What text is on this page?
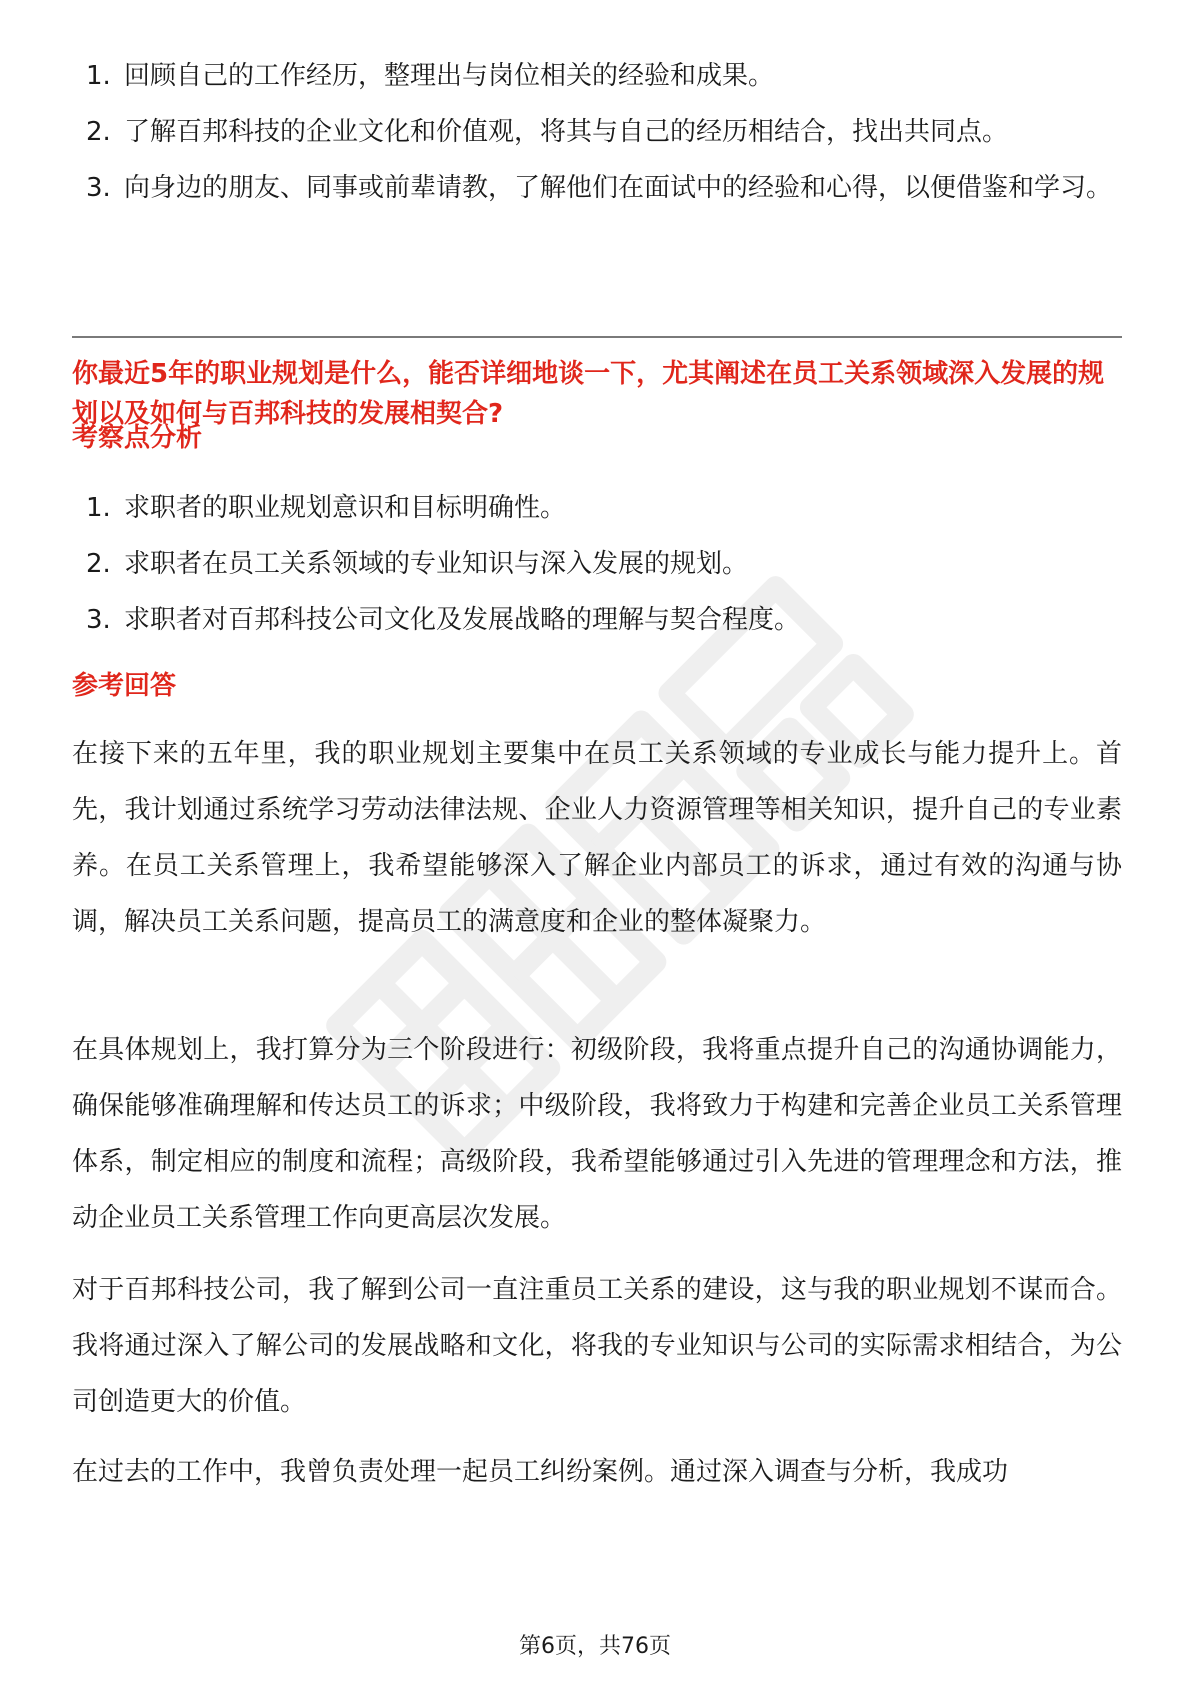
1. 回顾自己的工作经历，整理出与岗位相关的经验和成果。
2. 了解百邦科技的企业文化和价值观，将其与自己的经历相结合，找出共同点。
3. 向身边的朋友、同事或前辈请教，了解他们在面试中的经验和心得，以便借鉴和学习。

你最近5年的职业规划是什么，能否详细地谈一下，尤其阐述在员工关系领域深入发展的规划以及如何与百邦科技的发展相契合?

考察点分析
1. 求职者的职业规划意识和目标明确性。
2. 求职者在员工关系领域的专业知识与深入发展的规划。
3. 求职者对百邦科技公司文化及发展战略的理解与契合程度。
参考回答

在接下来的五年里，我的职业规划主要集中在员工关系领域的专业成长与能力提升上。首先，我计划通过系统学习劳动法律法规、企业人力资源管理等相关知识，提升自己的专业素养。在员工关系管理上，我希望能够深入了解企业内部员工的诉求，通过有效的沟通与协调，解决员工关系问题，提高员工的满意度和企业的整体凝聚力。

在具体规划上，我打算分为三个阶段进行：初级阶段，我将重点提升自己的沟通协调能力，确保能够准确理解和传达员工的诉求；中级阶段，我将致力于构建和完善企业员工关系管理体系，制定相应的制度和流程；高级阶段，我希望能够通过引入先进的管理理念和方法，推动企业员工关系管理工作向更高层次发展。

对于百邦科技公司，我了解到公司一直注重员工关系的建设，这与我的职业规划不谋而合。我将通过深入了解公司的发展战略和文化，将我的专业知识与公司的实际需求相结合，为公司创造更大的价值。

在过去的工作中，我曾负责处理一起员工纠纷案例。通过深入调查与分析，我成功

第6页，共76页
